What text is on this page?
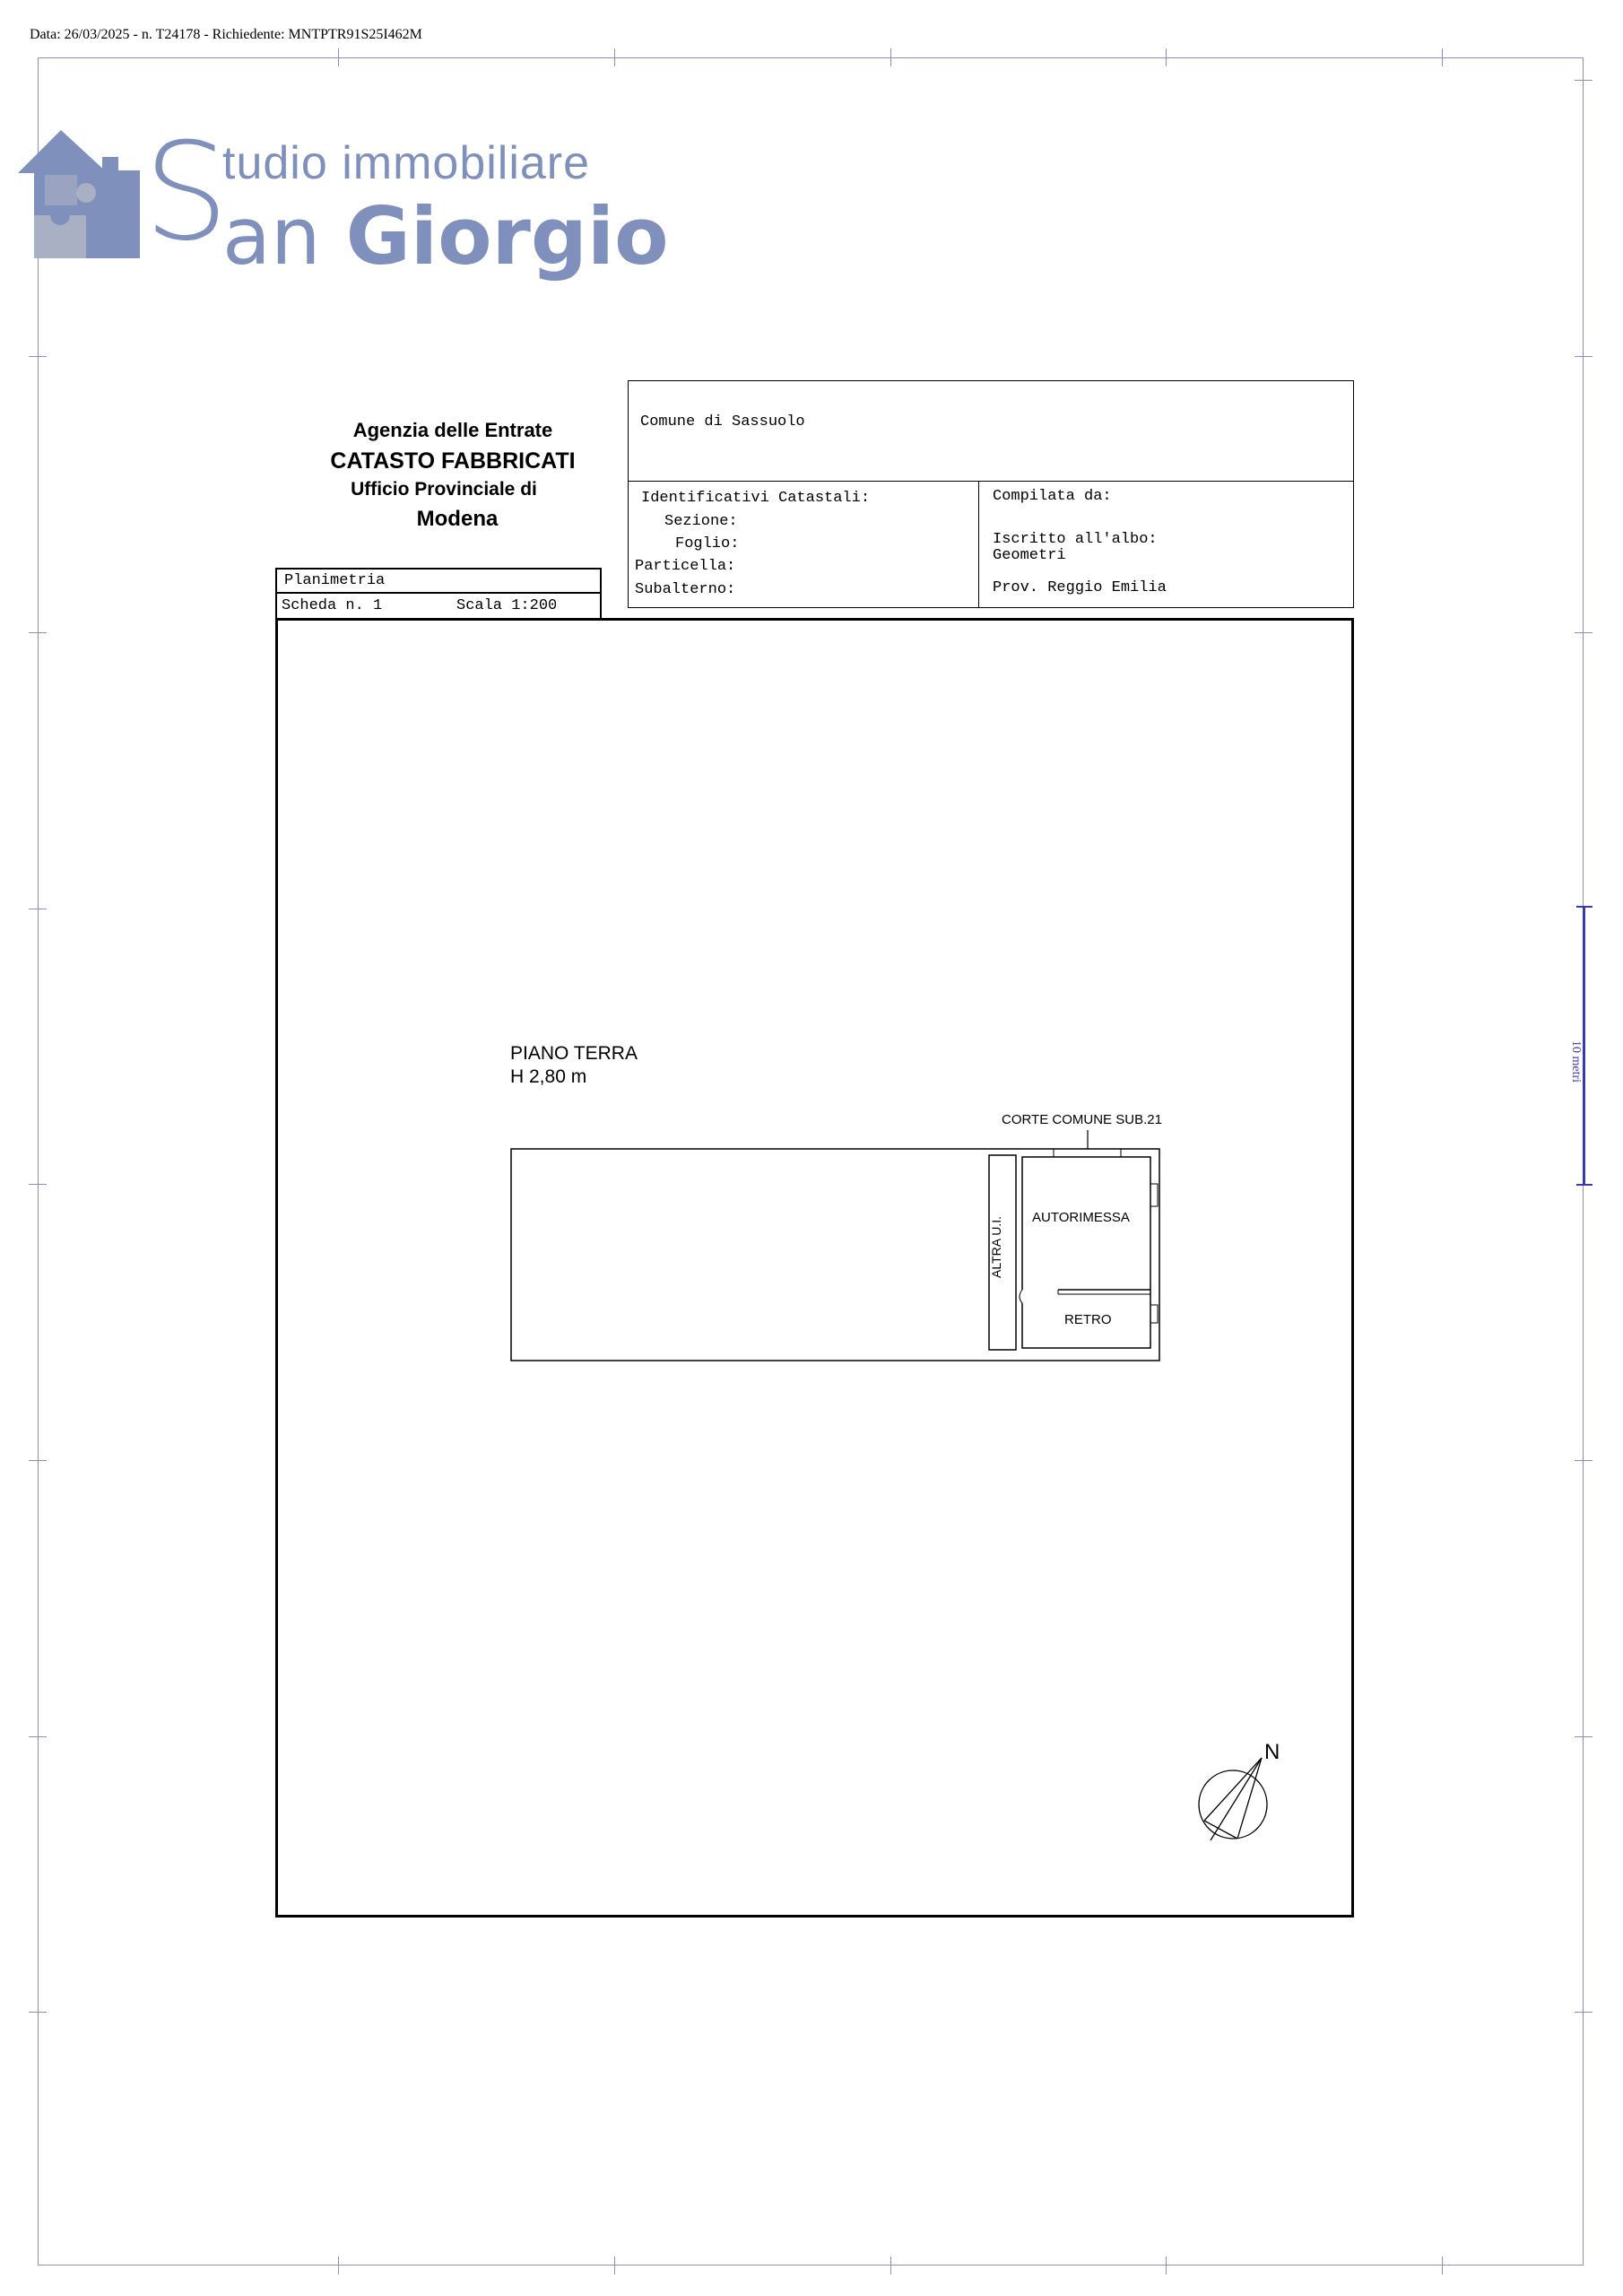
Data: 26/03/2025 - n. T24178 - Richiedente: MNTPTR91S25I462M
10 metri
S
tudio immobiliare
an Giorgio
Agenzia delle Entrate
CATASTO FABBRICATI
Ufficio Provinciale di
Modena
Comune di Sassuolo
Identificativi Catastali:
Sezione:
Foglio:
Particella:
Subalterno:
Compilata da:
Iscritto all'albo:
Geometri
Prov. Reggio Emilia
Planimetria
Scheda n. 1	Scala 1:200
PIANO TERRA
H 2,80 m
CORTE COMUNE SUB.21
AUTORIMESSA
RETRO
ALTRA U.I.
N
